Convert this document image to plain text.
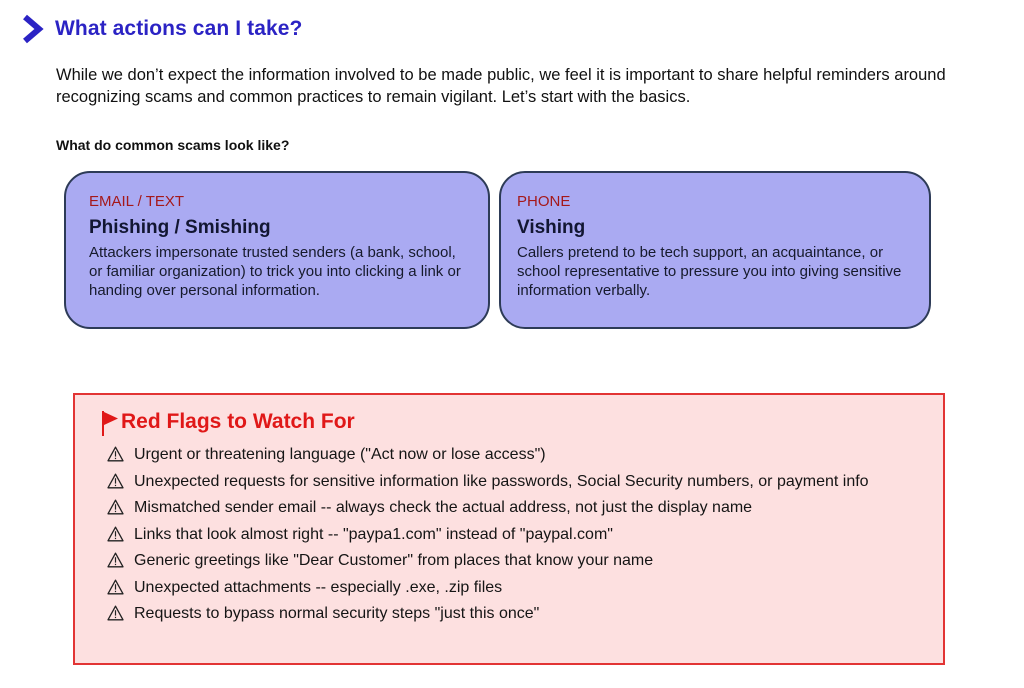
What actions can I take?
While we don’t expect the information involved to be made public, we feel it is important to share helpful reminders around recognizing scams and common practices to remain vigilant. Let’s start with the basics.
What do common scams look like?
EMAIL / TEXT
Phishing / Smishing
Attackers impersonate trusted senders (a bank, school, or familiar organization) to trick you into clicking a link or handing over personal information.
PHONE
Vishing
Callers pretend to be tech support, an acquaintance, or school representative to pressure you into giving sensitive information verbally.
Red Flags to Watch For
Urgent or threatening language ("Act now or lose access")
Unexpected requests for sensitive information like passwords, Social Security numbers, or payment info
Mismatched sender email -- always check the actual address, not just the display name
Links that look almost right -- "paypa1.com" instead of "paypal.com"
Generic greetings like "Dear Customer" from places that know your name
Unexpected attachments -- especially .exe, .zip files
Requests to bypass normal security steps "just this once"
